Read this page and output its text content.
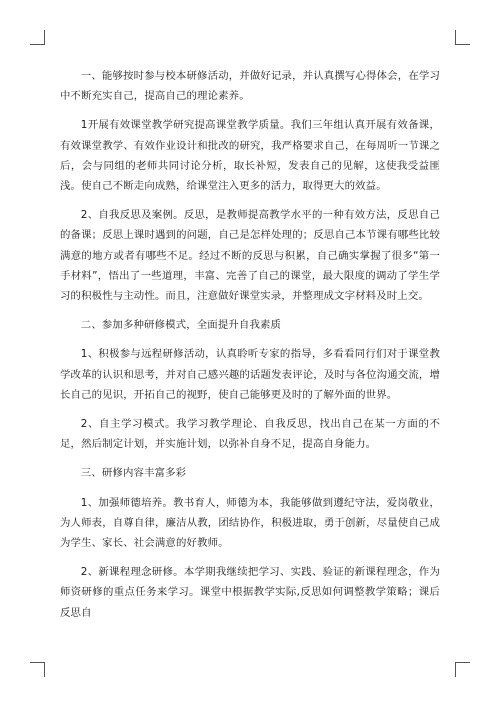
一、能够按时参与校本研修活动，并做好记录，并认真撰写心得体会，在学习中不断充实自己，提高自己的理论素养。

1开展有效课堂教学研究提高课堂教学质量。我们三年组认真开展有效备课，有效课堂教学、有效作业设计和批改的研究，我严格要求自己，在每周听一节课之后，会与同组的老师共同讨论分析，取长补短，发表自己的见解，这使我受益匪浅。使自己不断走向成熟，给课堂注入更多的活力，取得更大的效益。

2、自我反思及案例。反思，是教师提高教学水平的一种有效方法，反思自己的备课；反思上课时遇到的问题，自己是怎样处理的；反思自己本节课有哪些比较满意的地方或者有哪些不足。经过不断的反思与积累，自己确实掌握了很多“第一手材料”，悟出了一些道理，丰富、完善了自己的课堂，最大限度的调动了学生学习的积极性与主动性。而且，注意做好课堂实录，并整理成文字材料及时上交。

二、参加多种研修模式，全面提升自我素质

1、积极参与远程研修活动，认真聆听专家的指导，多看看同行们对于课堂教学改革的认识和思考，并对自己感兴趣的话题发表评论，及时与各位沟通交流，增长自己的见识，开拓自己的视野，使自己能够更及时的了解外面的世界。

2、自主学习模式。我学习教学理论、自我反思，找出自己在某一方面的不足，然后制定计划，并实施计划，以弥补自身不足，提高自身能力。

三、研修内容丰富多彩

1、加强师德培养。教书育人，师德为本，我能够做到遵纪守法，爱岗敬业，为人师表，自尊自律，廉洁从教，团结协作，积极进取，勇于创新，尽量使自己成为学生、家长、社会满意的好教师。

2、新课程理念研修。本学期我继续把学习、实践、验证的新课程理念，作为师资研修的重点任务来学习。课堂中根据教学实际,反思如何调整教学策略；课后反思自
